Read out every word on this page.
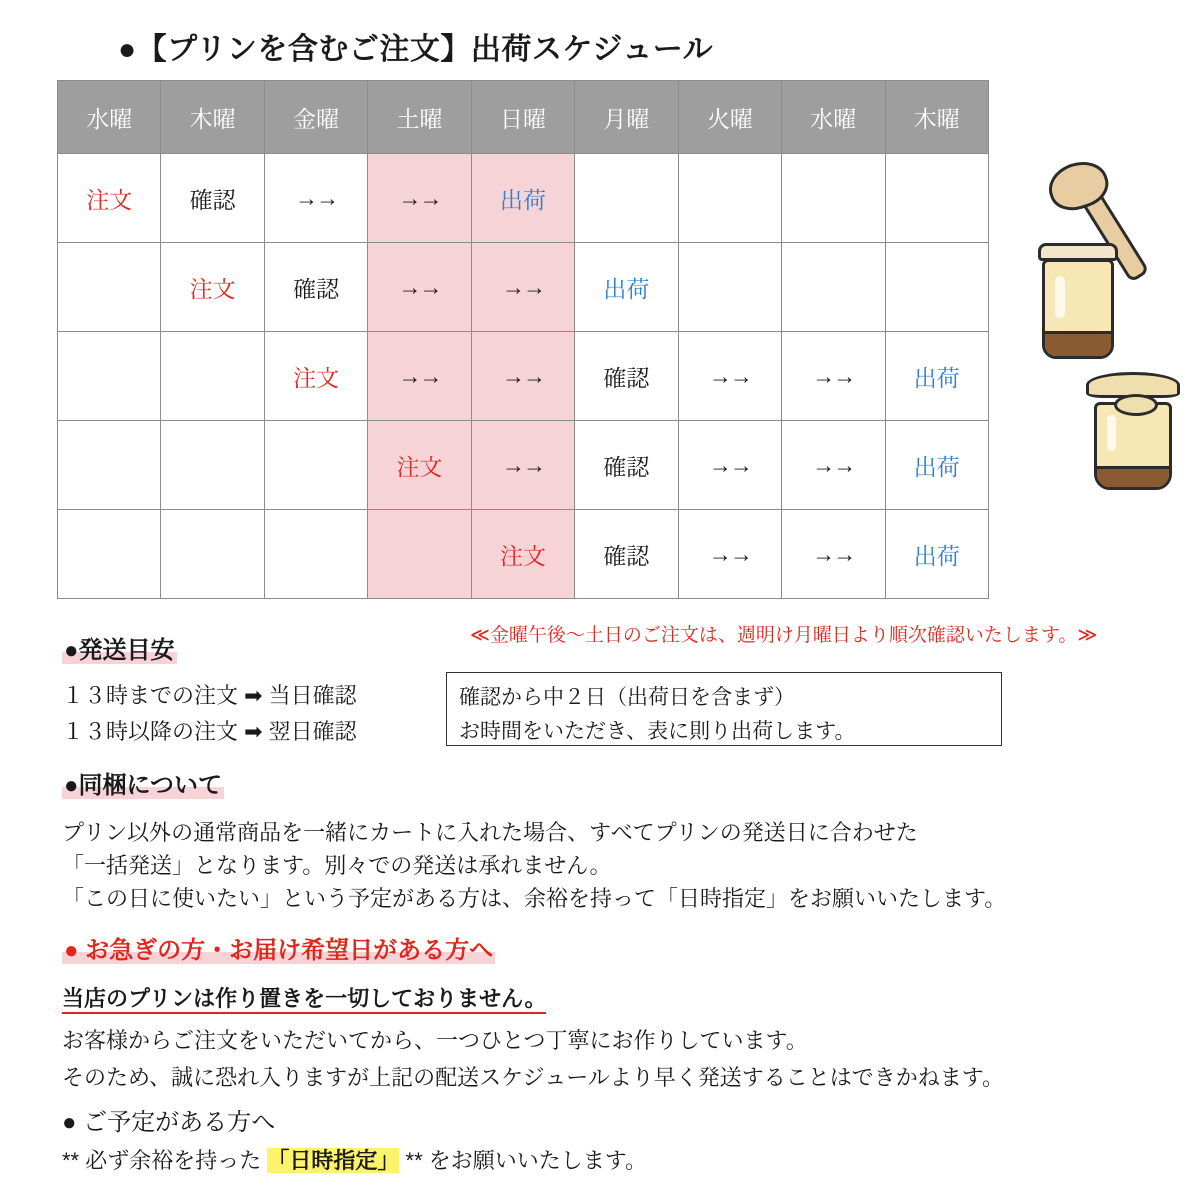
●【プリンを含むご注文】出荷スケジュール
水曜	木曜	金曜	土曜	日曜	月曜	火曜	水曜	木曜
注文	確認	→→	→→	出荷				
	注文	確認	→→	→→	出荷			
		注文	→→	→→	確認	→→	→→	出荷
			注文	→→	確認	→→	→→	出荷
				注文	確認	→→	→→	出荷
≪金曜午後～土日のご注文は、週明け月曜日より順次確認いたします。≫
●発送目安
１３時までの注文 ➡ 当日確認
１３時以降の注文 ➡ 翌日確認
確認から中２日（出荷日を含まず）
お時間をいただき、表に則り出荷します。
●同梱について
プリン以外の通常商品を一緒にカートに入れた場合、すべてプリンの発送日に合わせた
「一括発送」となります。別々での発送は承れません。
「この日に使いたい」という予定がある方は、余裕を持って「日時指定」をお願いいたします。
● お急ぎの方・お届け希望日がある方へ
当店のプリンは作り置きを一切しておりません。
お客様からご注文をいただいてから、一つひとつ丁寧にお作りしています。
そのため、誠に恐れ入りますが上記の配送スケジュールより早く発送することはできかねます。
● ご予定がある方へ
** 必ず余裕を持った 「日時指定」 ** をお願いいたします。
